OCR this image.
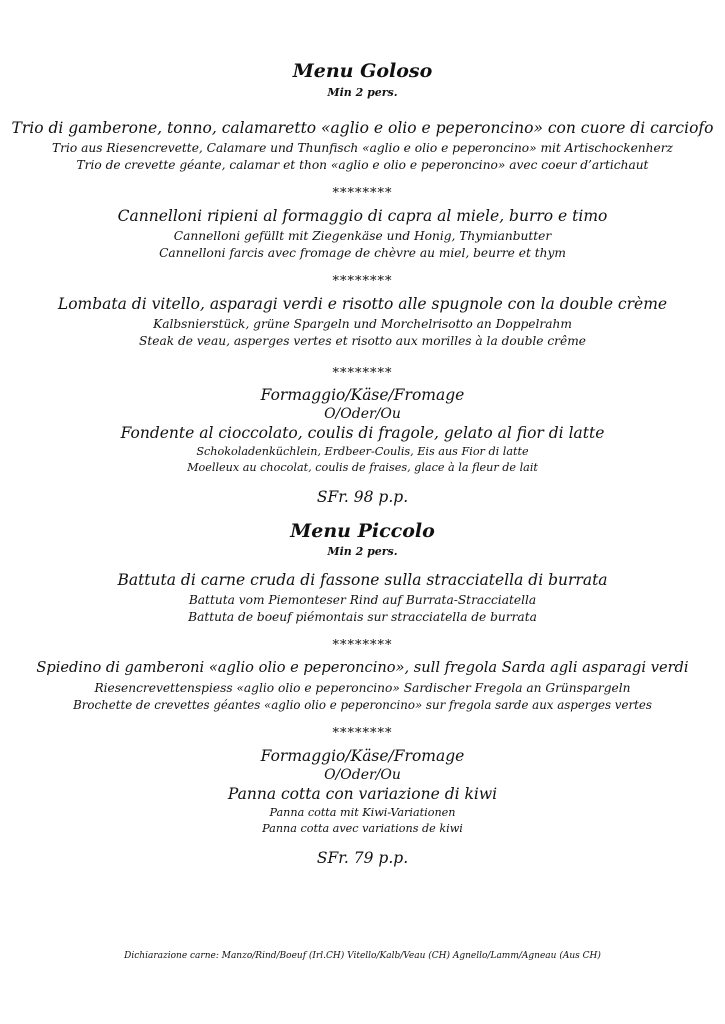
Menu Goloso
Min 2 pers.
Trio di gamberone, tonno, calamaretto «aglio e olio e peperoncino» con cuore di carciofo
Trio aus Riesencrevette, Calamare und Thunfisch «aglio e olio e peperoncino» mit Artischockenherz
Trio de crevette géante, calamar et thon «aglio e olio e peperoncino» avec coeur d’artichaut
********
Cannelloni ripieni al formaggio di capra al miele, burro e timo
Cannelloni gefüllt mit Ziegenkäse und Honig, Thymianbutter
Cannelloni farcis avec fromage de chèvre au miel, beurre et thym
********
Lombata di vitello, asparagi verdi e risotto alle spugnole con la double crème
Kalbsnierstück, grüne Spargeln und Morchelrisotto an Doppelrahm
Steak de veau, asperges vertes et risotto aux morilles à la double crême
********
Formaggio/Käse/Fromage
O/Oder/Ou
Fondente al cioccolato, coulis di fragole, gelato al fior di latte
Schokoladenküchlein, Erdbeer-Coulis, Eis aus Fior di latte
Moelleux au chocolat, coulis de fraises, glace à la fleur de lait
SFr. 98 p.p.
Menu Piccolo
Min 2 pers.
Battuta di carne cruda di fassone sulla stracciatella di burrata
Battuta vom Piemonteser Rind auf Burrata-Stracciatella
Battuta de boeuf piémontais sur stracciatella de burrata
********
Spiedino di gamberoni «aglio olio e peperoncino», sull fregola Sarda agli asparagi verdi
Riesencrevettenspiess «aglio olio e peperoncino» Sardischer Fregola an Grünspargeln
Brochette de crevettes géantes «aglio olio e peperoncino» sur fregola sarde aux asperges vertes
********
Formaggio/Käse/Fromage
O/Oder/Ou
Panna cotta con variazione di kiwi
Panna cotta mit Kiwi-Variationen
Panna cotta avec variations de kiwi
SFr. 79 p.p.
Dichiarazione carne: Manzo/Rind/Boeuf (Irl.CH) Vitello/Kalb/Veau (CH) Agnello/Lamm/Agneau (Aus CH)
